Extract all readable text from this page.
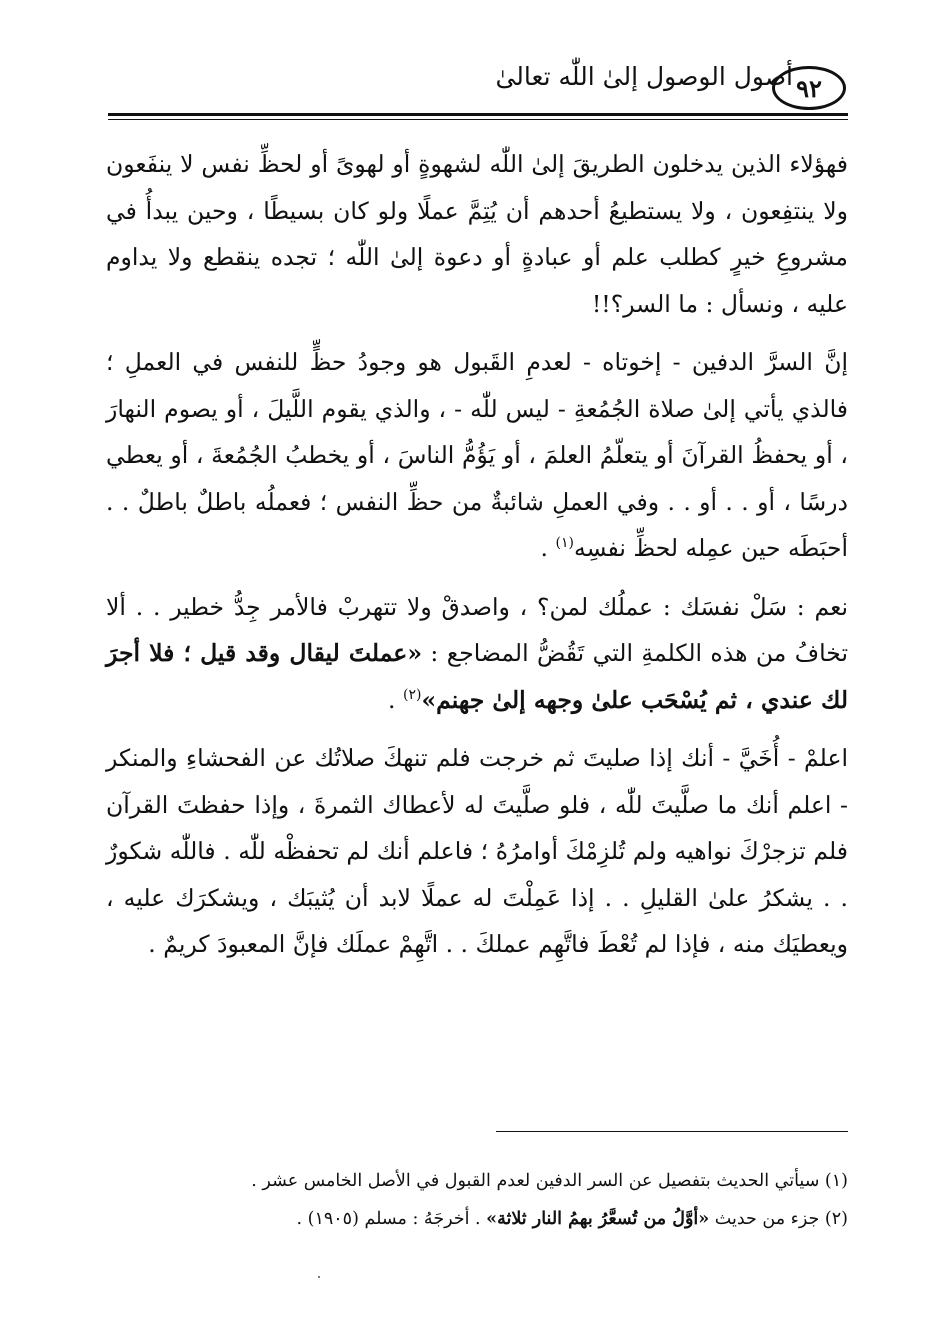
أصول الوصول إلىٰ اللّٰه تعالىٰ ٩٢

فهؤلاء الذين يدخلون الطريقَ إلىٰ اللّٰه لشهوةٍ أو لهوىً أو لحظِّ نفس لا ينفَعون ولا ينتفِعون ، ولا يستطيعُ أحدهم أن يُتِمَّ عملًا ولو كان بسيطًا ، وحين يبدأُ في مشروعِ خيرٍ كطلب علم أو عبادةٍ أو دعوة إلىٰ اللّٰه ؛ تجده ينقطع ولا يداوم عليه ، ونسأل : ما السر؟!!

إنَّ السرَّ الدفين - إخوتاه - لعدمِ القَبول هو وجودُ حظٍّ للنفس في العملِ ؛ فالذي يأتي إلىٰ صلاة الجُمُعةِ - ليس للّٰه - ، والذي يقوم اللَّيلَ ، أو يصوم النهارَ ، أو يحفظُ القرآنَ أو يتعلّمُ العلمَ ، أو يَؤُمُّ الناسَ ، أو يخطبُ الجُمُعةَ ، أو يعطي درسًا ، أو . . أو . . وفي العملِ شائبةٌ من حظِّ النفس ؛ فعملُه باطلٌ باطلٌ . . أحبَطَه حين عمِله لحظِّ نفسِه$^{(١)}$ .

نعم : سَلْ نفسَك : عملُك لمن؟ ، واصدقْ ولا تتهربْ فالأمر جِدُّ خطير . . ألا تخافُ من هذه الكلمةِ التي تَقُضُّ المضاجع : «عملتَ ليقال وقد قيل ؛ فلا أجرَ لك عندي ، ثم يُسْحَب علىٰ وجهه إلىٰ جهنم»$^{(٢)}$ .

اعلمْ - أُخَيَّ - أنك إذا صليتَ ثم خرجت فلم تنهكَ صلاتُك عن الفحشاءِ والمنكر - اعلم أنك ما صلَّيتَ للّٰه ، فلو صلَّيتَ له لأعطاك الثمرةَ ، وإذا حفظتَ القرآن فلم تزجرْكَ نواهيه ولم تُلزِمْكَ أوامرُهُ ؛ فاعلم أنك لم تحفظْه للّٰه . فاللّٰه شكورٌ . . يشكرُ علىٰ القليلِ . . إذا عَمِلْتَ له عملًا لابد أن يُثيبَك ، ويشكرَك عليه ، ويعطيَك منه ، فإذا لم تُعْطَ فاتَّهِم عملكَ . . اتَّهِمْ عملَك فإنَّ المعبودَ كريمٌ .

(١) سيأتي الحديث بتفصيل عن السر الدفين لعدم القبول في الأصل الخامس عشر .
(٢) جزء من حديث «أوَّلُ من تُسعَّرُ بهمُ النار ثلاثة» . أخرجَهُ : مسلم (١٩٠٥) .
